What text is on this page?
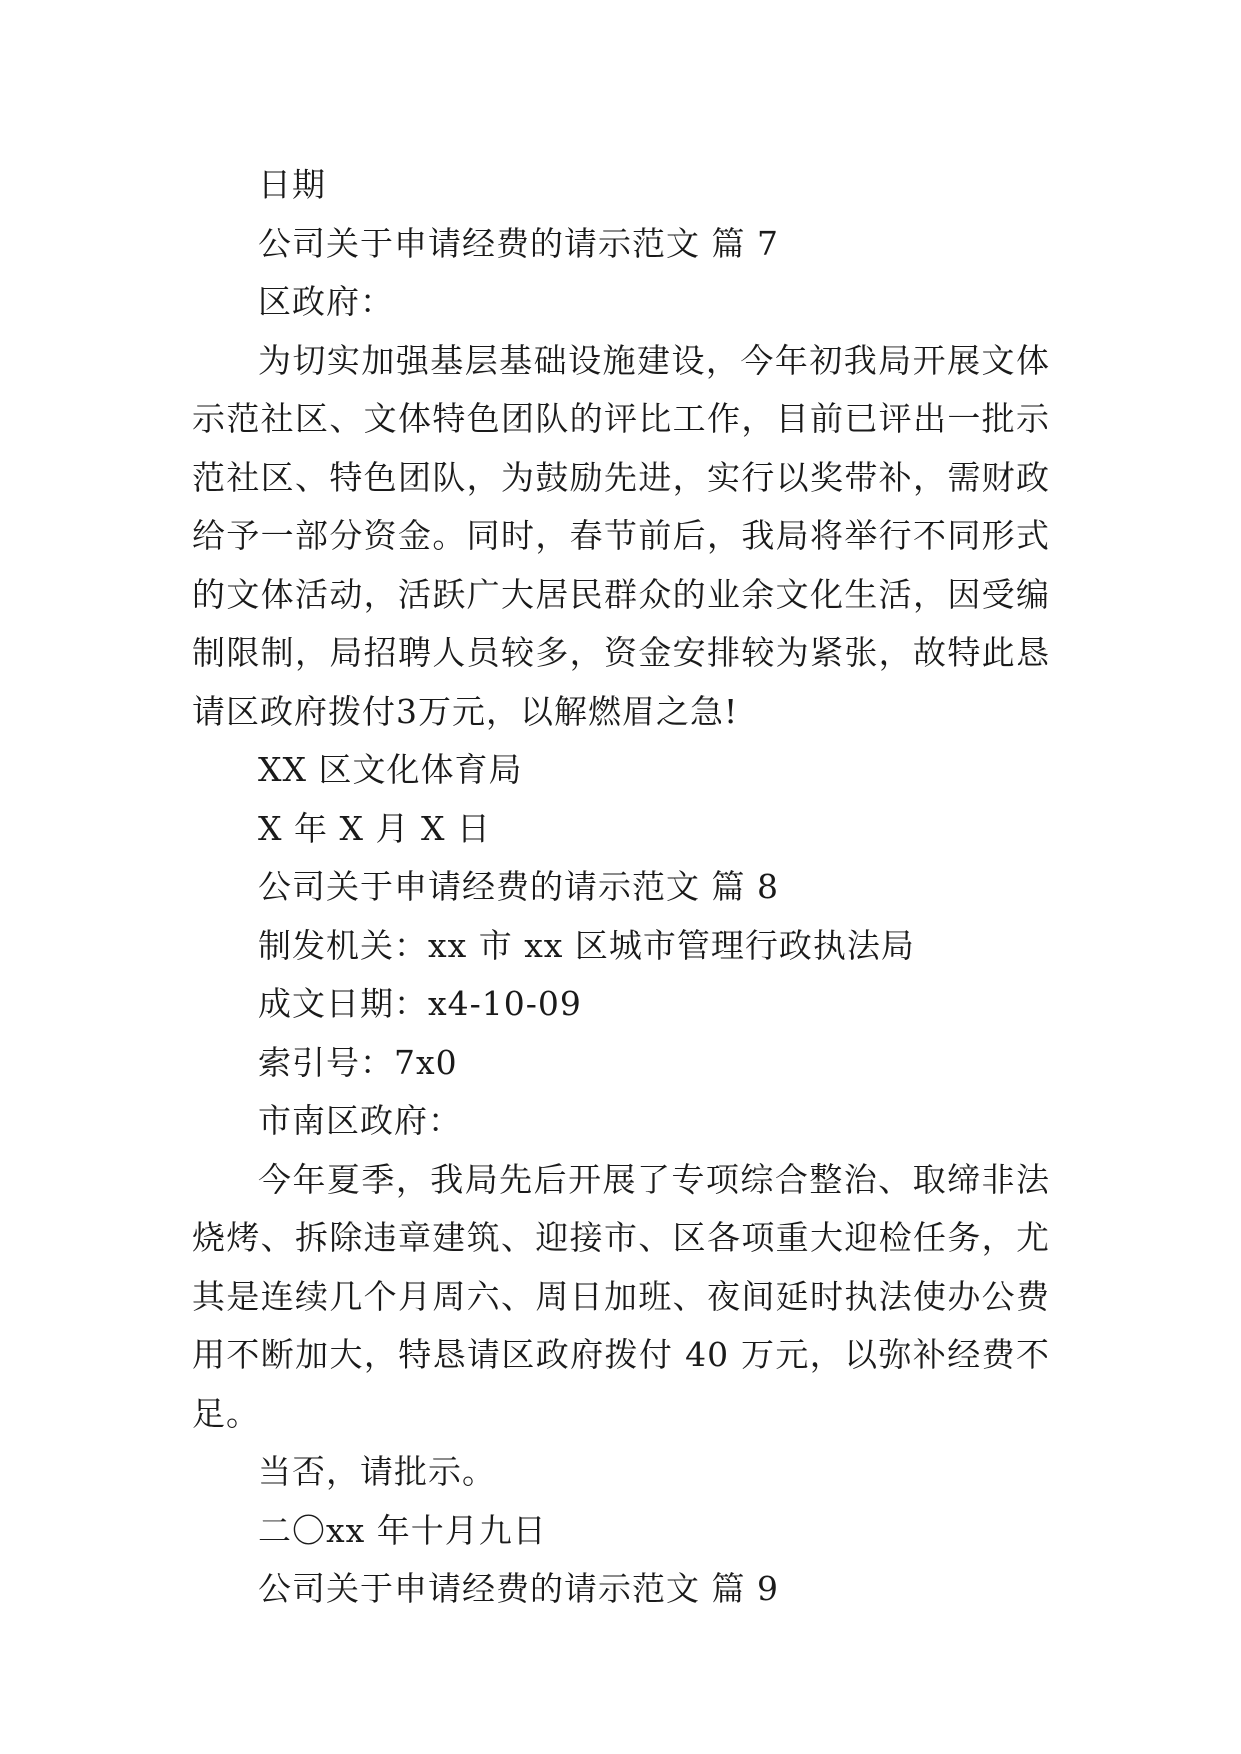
日期

公司关于申请经费的请示范文 篇 7

区政府：

为切实加强基层基础设施建设，今年初我局开展文体示范社区、文体特色团队的评比工作，目前已评出一批示范社区、特色团队，为鼓励先进，实行以奖带补，需财政给予一部分资金。同时，春节前后，我局将举行不同形式的文体活动，活跃广大居民群众的业余文化生活，因受编制限制，局招聘人员较多，资金安排较为紧张，故特此恳请区政府拨付3万元，以解燃眉之急!

XX 区文化体育局

X 年 X 月 X 日

公司关于申请经费的请示范文 篇 8

制发机关：xx 市 xx 区城市管理行政执法局

成文日期：x4-10-09

索引号：7x0

市南区政府：

今年夏季，我局先后开展了专项综合整治、取缔非法烧烤、拆除违章建筑、迎接市、区各项重大迎检任务，尤其是连续几个月周六、周日加班、夜间延时执法使办公费用不断加大，特恳请区政府拨付 40 万元，以弥补经费不足。

当否，请批示。

二〇xx 年十月九日

公司关于申请经费的请示范文 篇 9
